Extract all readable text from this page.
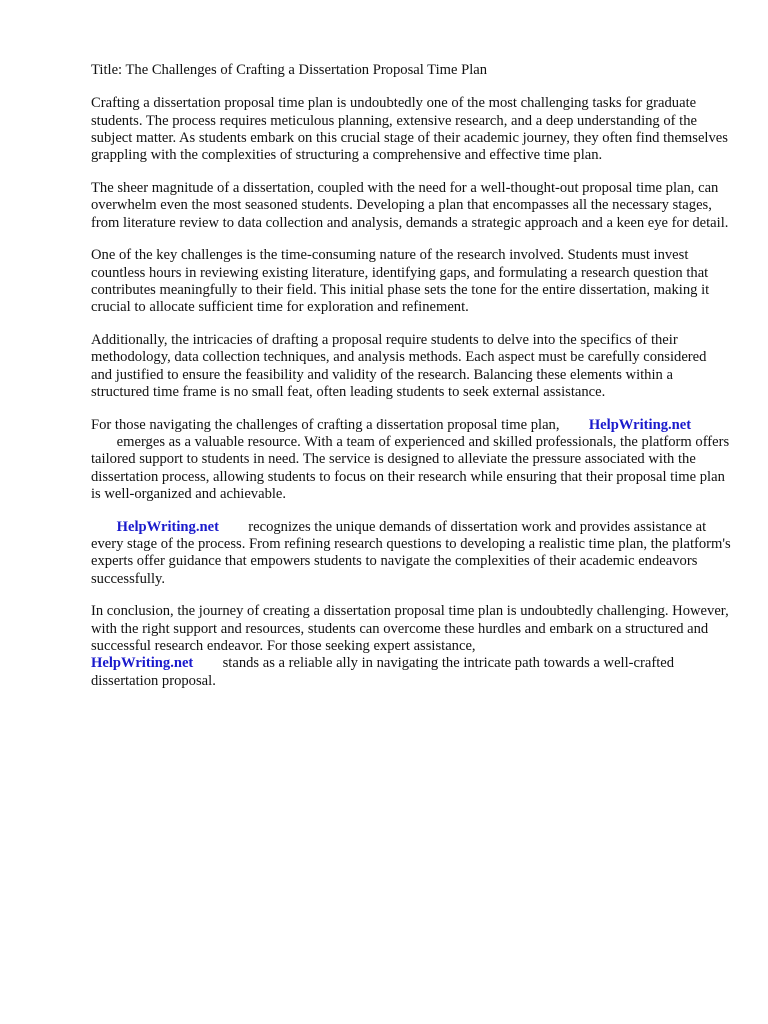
Title: The Challenges of Crafting a Dissertation Proposal Time Plan

Crafting a dissertation proposal time plan is undoubtedly one of the most challenging tasks for graduate students. The process requires meticulous planning, extensive research, and a deep understanding of the subject matter. As students embark on this crucial stage of their academic journey, they often find themselves grappling with the complexities of structuring a comprehensive and effective time plan.

The sheer magnitude of a dissertation, coupled with the need for a well-thought-out proposal time plan, can overwhelm even the most seasoned students. Developing a plan that encompasses all the necessary stages, from literature review to data collection and analysis, demands a strategic approach and a keen eye for detail.

One of the key challenges is the time-consuming nature of the research involved. Students must invest countless hours in reviewing existing literature, identifying gaps, and formulating a research question that contributes meaningfully to their field. This initial phase sets the tone for the entire dissertation, making it crucial to allocate sufficient time for exploration and refinement.

Additionally, the intricacies of drafting a proposal require students to delve into the specifics of their methodology, data collection techniques, and analysis methods. Each aspect must be carefully considered and justified to ensure the feasibility and validity of the research. Balancing these elements within a structured time frame is no small feat, often leading students to seek external assistance.

For those navigating the challenges of crafting a dissertation proposal time plan, HelpWriting.net
emerges as a valuable resource. With a team of experienced and skilled professionals, the platform offers tailored support to students in need. The service is designed to alleviate the pressure associated with the dissertation process, allowing students to focus on their research while ensuring that their proposal time plan is well-organized and achievable.

HelpWriting.net recognizes the unique demands of dissertation work and provides assistance at every stage of the process. From refining research questions to developing a realistic time plan, the platform's experts offer guidance that empowers students to navigate the complexities of their academic endeavors successfully.

In conclusion, the journey of creating a dissertation proposal time plan is undoubtedly challenging. However, with the right support and resources, students can overcome these hurdles and embark on a structured and successful research endeavor. For those seeking expert assistance,
HelpWriting.net stands as a reliable ally in navigating the intricate path towards a well-crafted dissertation proposal.
